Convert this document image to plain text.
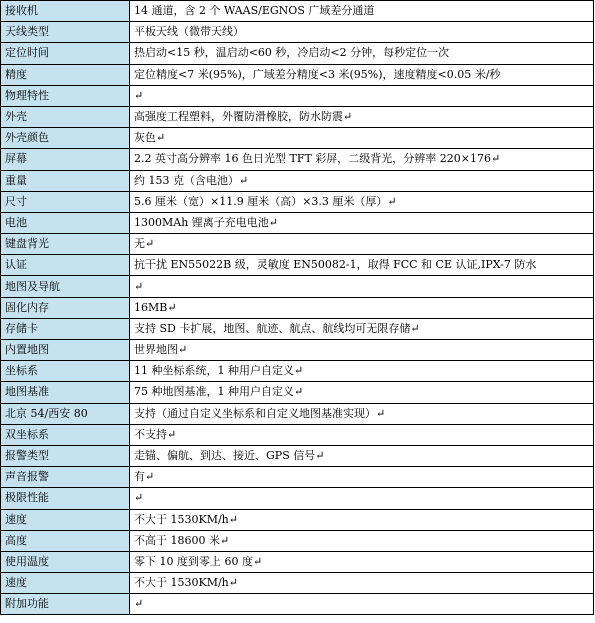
接收机	14 通道，含 2 个 WAAS/EGNOS 广域差分通道
天线类型	平板天线（微带天线）
定位时间	热启动<15 秒，温启动<60 秒，冷启动<2 分钟，每秒定位一次
精度	定位精度<7 米(95%)，广域差分精度<3 米(95%)，速度精度<0.05 米/秒
物理特性	↵
外壳	高强度工程塑料，外覆防滑橡胶，防水防震↵
外壳颜色	灰色↵
屏幕	2.2 英寸高分辨率 16 色日光型 TFT 彩屏，二级背光，分辨率 220×176↵
重量	约 153 克（含电池）↵
尺寸	5.6 厘米（宽）×11.9 厘米（高）×3.3 厘米（厚）↵
电池	1300MAh 锂离子充电电池↵
键盘背光	无↵
认证	抗干扰 EN55022B 级，灵敏度 EN50082-1，取得 FCC 和 CE 认证,IPX-7 防水
地图及导航	↵
固化内存	16MB↵
存储卡	支持 SD 卡扩展，地图、航迹、航点、航线均可无限存储↵
内置地图	世界地图↵
坐标系	11 种坐标系统，1 种用户自定义↵
地图基准	75 种地图基准，1 种用户自定义↵
北京 54/西安 80	支持（通过自定义坐标系和自定义地图基准实现）↵
双坐标系	不支持↵
报警类型	走锚、偏航、到达、接近、GPS 信号↵
声音报警	有↵
极限性能	↵
速度	不大于 1530KM/h↵
高度	不高于 18600 米↵
使用温度	零下 10 度到零上 60 度↵
速度	不大于 1530KM/h↵
附加功能	↵
